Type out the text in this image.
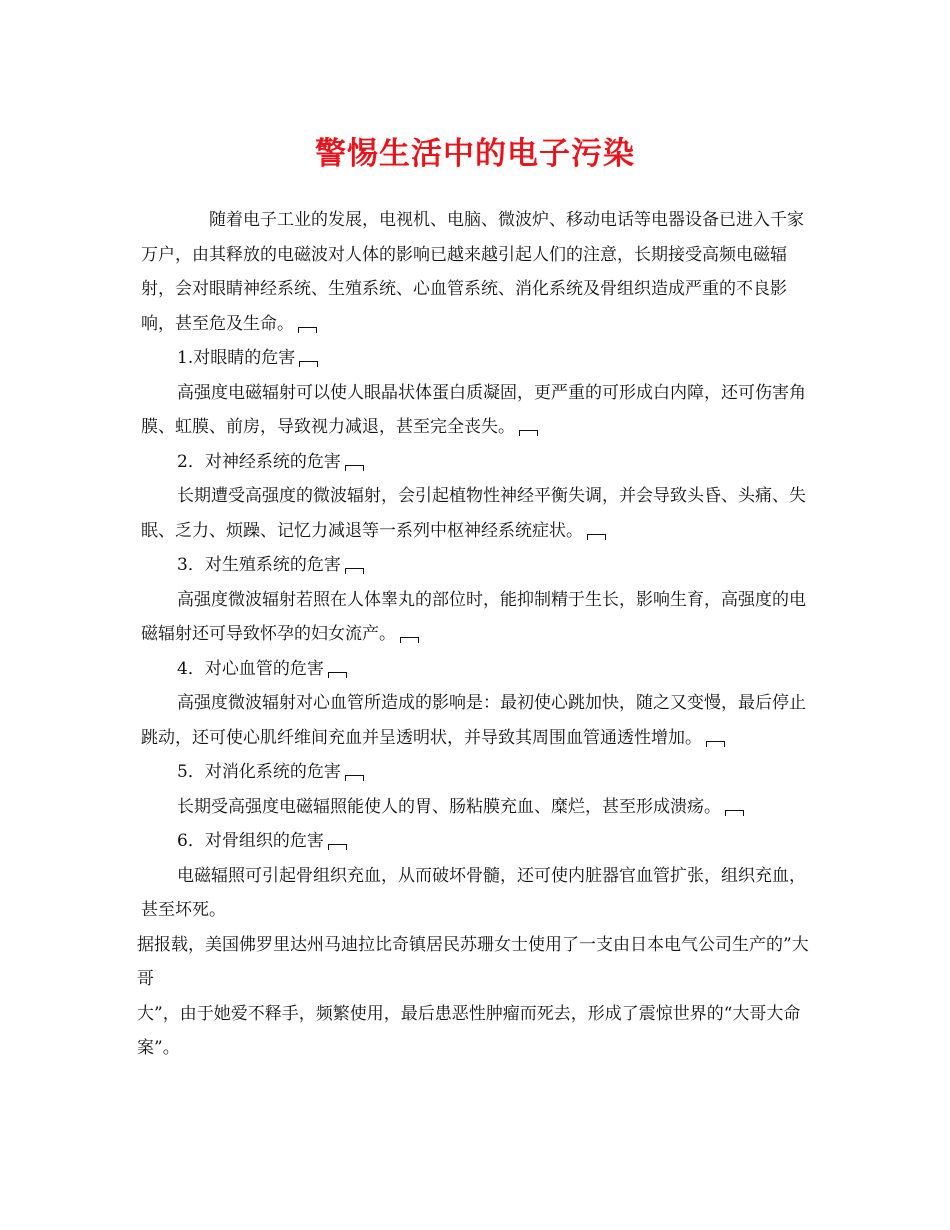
警惕生活中的电子污染

随着电子工业的发展，电视机、电脑、微波炉、移动电话等电器设备已进入千家万户，由其释放的电磁波对人体的影响已越来越引起人们的注意，长期接受高频电磁辐射，会对眼睛神经系统、生殖系统、心血管系统、消化系统及骨组织造成严重的不良影响，甚至危及生命。

1.对眼睛的危害

高强度电磁辐射可以使人眼晶状体蛋白质凝固，更严重的可形成白内障，还可伤害角膜、虹膜、前房，导致视力减退，甚至完全丧失。

2．对神经系统的危害

长期遭受高强度的微波辐射，会引起植物性神经平衡失调，并会导致头昏、头痛、失眠、乏力、烦躁、记忆力减退等一系列中枢神经系统症状。

3．对生殖系统的危害

高强度微波辐射若照在人体睾丸的部位时，能抑制精于生长，影响生育，高强度的电磁辐射还可导致怀孕的妇女流产。

4．对心血管的危害

高强度微波辐射对心血管所造成的影响是：最初使心跳加快，随之又变慢，最后停止跳动，还可使心肌纤维间充血并呈透明状，并导致其周围血管通透性增加。

5．对消化系统的危害

长期受高强度电磁辐照能使人的胃、肠粘膜充血、糜烂，甚至形成溃疡。

6．对骨组织的危害

电磁辐照可引起骨组织充血，从而破坏骨髓，还可使内脏器官血管扩张，组织充血，甚至坏死。

据报载，美国佛罗里达州马迪拉比奇镇居民苏珊女士使用了一支由日本电气公司生产的”大哥

大”，由于她爱不释手，频繁使用，最后患恶性肿瘤而死去，形成了震惊世界的“大哥大命案”。
